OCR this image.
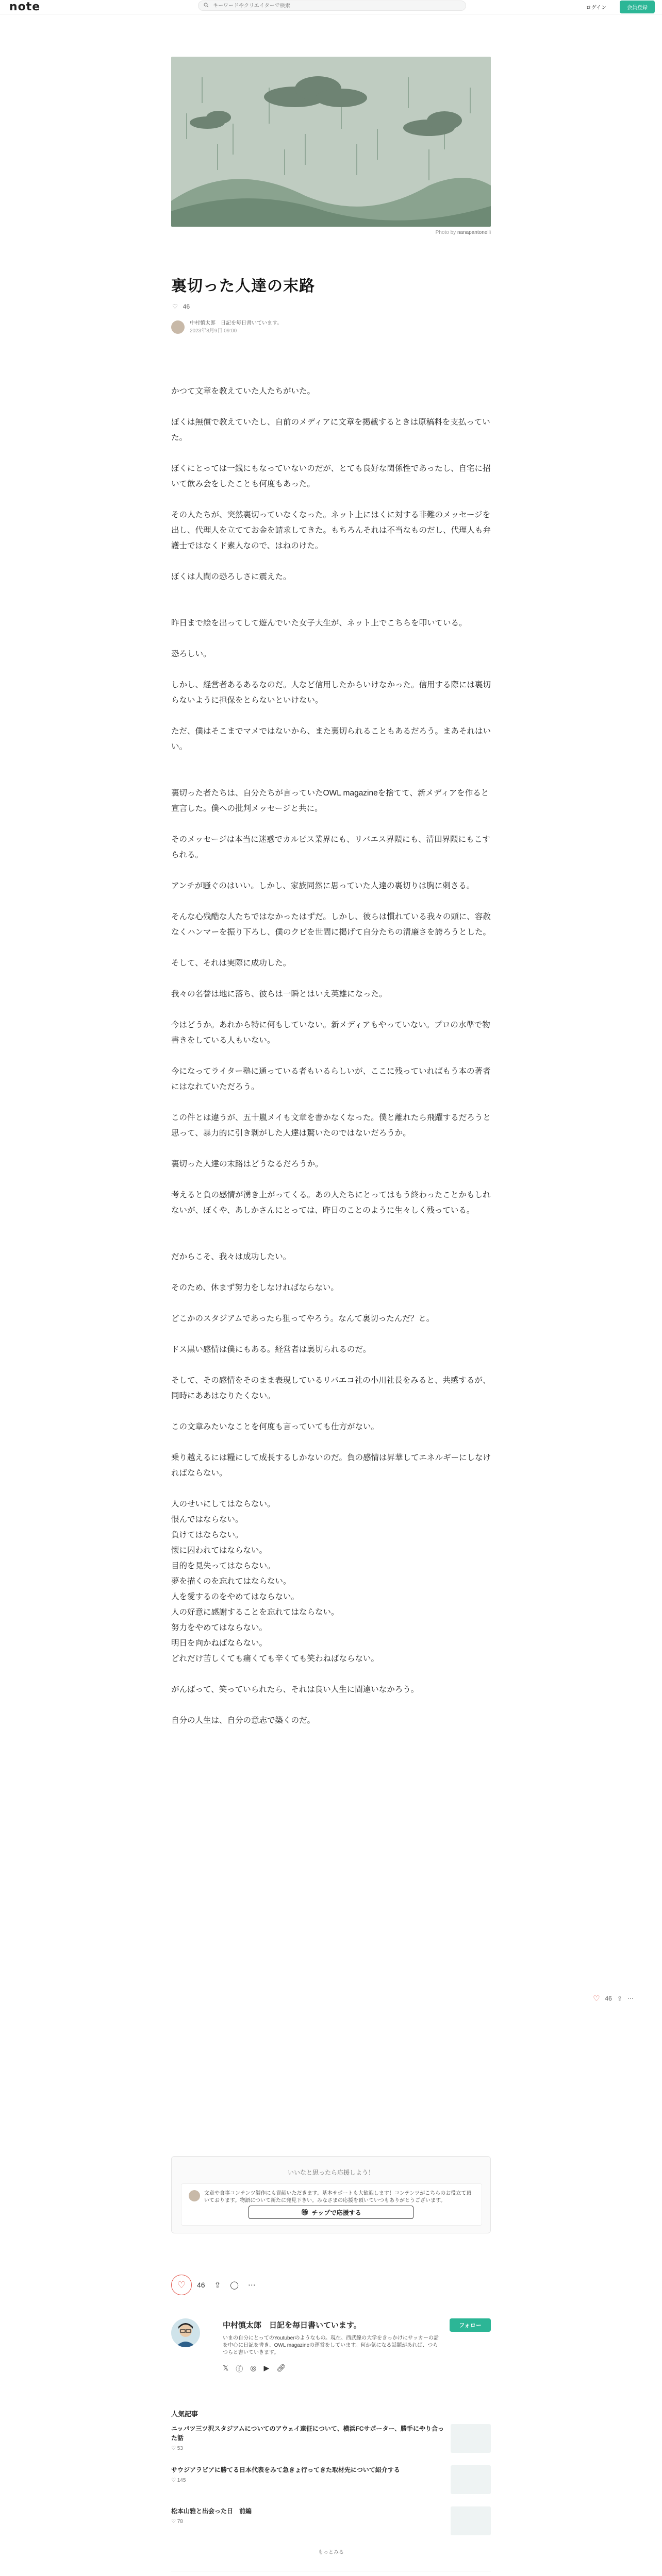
note
キーワードやクリエイターで検索	ログイン	会員登録
Photo by nanapantonelli
裏切った人達の末路
♡ 46
中村慎太郎　日記を毎日書いています。
2023年8月9日 09:00

かつて文章を教えていた人たちがいた。

ぼくは無償で教えていたし、自前のメディアに文章を掲載するときは原稿料を支払っていた。

ぼくにとっては一銭にもなっていないのだが、とても良好な関係性であったし、自宅に招いて飲み会をしたことも何度もあった。

その人たちが、突然裏切っていなくなった。ネット上にはくに対する非難のメッセージを出し、代理人を立ててお金を請求してきた。もちろんそれは不当なものだし、代理人も弁護士ではなくド素人なので、はねのけた。

ぼくは人間の恐ろしさに震えた。

昨日まで絵を出ってして遊んでいた女子大生が、ネット上でこちらを叩いている。

恐ろしい。

しかし、経営者あるあるなのだ。人など信用したからいけなかった。信用する際には裏切らないように担保をとらないといけない。

ただ、僕はそこまでマメではないから、また裏切られることもあるだろう。まあそれはいい。

裏切った者たちは、自分たちが言っていたOWL magazineを捨てて、新メディアを作ると宣言した。僕への批判メッセージと共に。

そのメッセージは本当に迷惑でカルピス業界にも、リバエス界隈にも、清田界隈にもこすられる。

アンチが騒ぐのはいい。しかし、家族同然に思っていた人達の裏切りは胸に刺さる。

そんな心残酷な人たちではなかったはずだ。しかし、彼らは慣れている我々の頭に、容赦なくハンマーを振り下ろし、僕のクビを世間に掲げて自分たちの清廉さを誇ろうとした。

そして、それは実際に成功した。

我々の名誉は地に落ち、彼らは一瞬とはいえ英雄になった。

今はどうか。あれから特に何もしていない。新メディアもやっていない。プロの水準で物書きをしている人もいない。

今になってライター塾に通っている者もいるらしいが、ここに残っていればもう本の著者にはなれていただろう。

この件とは違うが、五十嵐メイも文章を書かなくなった。僕と離れたら飛躍するだろうと思って、暴力的に引き剥がした人達は驚いたのではないだろうか。

裏切った人達の末路はどうなるだろうか。

考えると負の感情が湧き上がってくる。あの人たちにとってはもう終わったことかもしれないが、ぼくや、あしかさんにとっては、昨日のことのように生々しく残っている。

だからこそ、我々は成功したい。

そのため、休まず努力をしなければならない。

どこかのスタジアムであったら狙ってやろう。なんて裏切ったんだ？と。

ドス黒い感情は僕にもある。経営者は裏切られるのだ。

そして、その感情をそのまま表現しているリバエコ社の小川社長をみると、共感するが、同時にああはなりたくない。

この文章みたいなことを何度も言っていても仕方がない。

乗り越えるには糧にして成長するしかないのだ。負の感情は昇華してエネルギーにしなければならない。

人のせいにしてはならない。
恨んではならない。
負けてはならない。
懐に囚われてはならない。
目的を見失ってはならない。
夢を描くのを忘れてはならない。
人を愛するのをやめてはならない。
人の好意に感謝することを忘れてはならない。
努力をやめてはならない。
明日を向かねばならない。
どれだけ苦しくても痛くても辛くても笑わねばならない。

がんばって、笑っていられたら、それは良い人生に間違いなかろう。

自分の人生は、自分の意志で築くのだ。

いいなと思ったら応援しよう！
文章や食事コンテンツ製作にも貢献いただきます。基本サポートも大歓迎します！コンテンツがこちらのお役立て頂いております。物語について新たに発見下きい。みなさまの応援を頂いていつもありがとうございます。
🎁︎ チップで応援する
♡ 46 ⇪ ◯ ⋯
中村慎太郎　日記を毎日書いています。	フォロー
いまの自分にとってのYoutuberのようなもの。現在、西武線の大学をきっかけにサッカーの話を中心に日記を書き、OWL magazineの運営をしています。何か気になる話題があれば、つらつらと書いていきます。
𝕏 ⓕ ◎ ▶ 🔗︎
人気記事
ニッパツ三ツ沢スタジアムについてのアウェイ遠征について、横浜FCサポーター、勝手にやり合った話
♡ 53
サウジアラビアに勝てる日本代表をみて急きょ行ってきた取材先について紹介する
♡ 145
松本山雅と出会った日　前編
♡ 78
もっとみる
♡ 46 ⇪ ⋯
